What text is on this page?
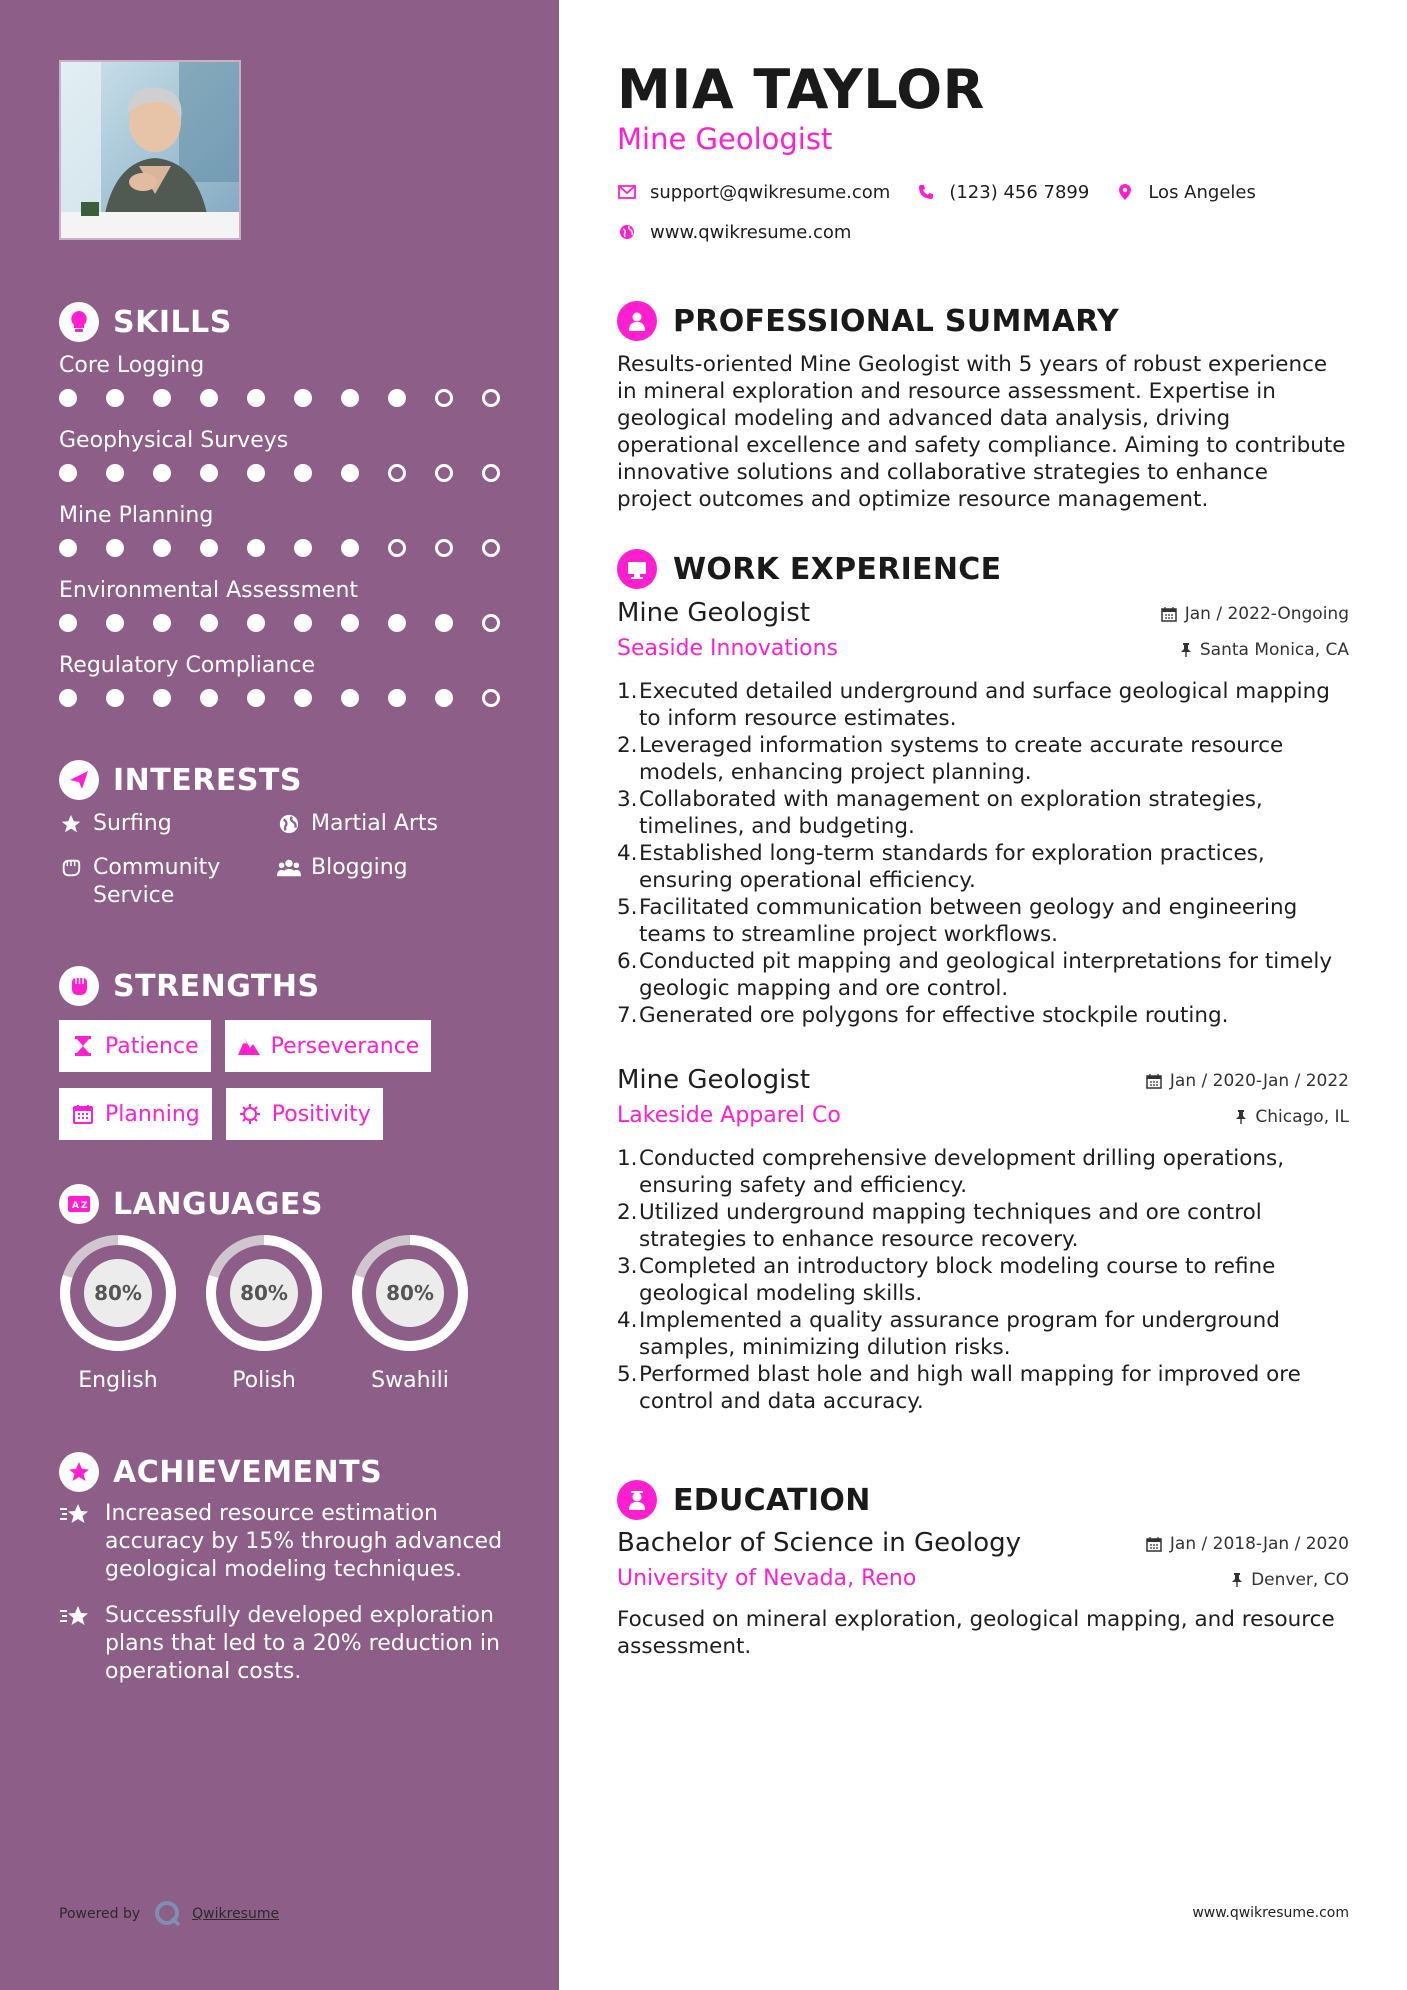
SKILLS
Core Logging
Geophysical Surveys
Mine Planning
Environmental Assessment
Regulatory Compliance
INTERESTS
Surfing	Martial Arts
Community Service
Blogging
STRENGTHS
Patience	Perseverance
Planning	Positivity
A Z LANGUAGES
80%
English
80%
Polish
80%
Swahili
ACHIEVEMENTS
Increased resource estimation accuracy by 15% through advanced geological modeling techniques.
Successfully developed exploration plans that led to a 20% reduction in operational costs.
Powered by	Qwikresume
MIA TAYLOR
Mine Geologist
support@qwikresume.com	(123) 456 7899	Los Angeles
www.qwikresume.com
PROFESSIONAL SUMMARY

Results-oriented Mine Geologist with 5 years of robust experience in mineral exploration and resource assessment. Expertise in geological modeling and advanced data analysis, driving operational excellence and safety compliance. Aiming to contribute innovative solutions and collaborative strategies to enhance project outcomes and optimize resource management.

WORK EXPERIENCE
Mine Geologist	Jan / 2022-Ongoing
Seaside Innovations	Santa Monica, CA
1. Executed detailed underground and surface geological mapping to inform resource estimates.
2. Leveraged information systems to create accurate resource models, enhancing project planning.
3. Collaborated with management on exploration strategies, timelines, and budgeting.
4. Established long-term standards for exploration practices, ensuring operational efficiency.
5. Facilitated communication between geology and engineering teams to streamline project workflows.
6. Conducted pit mapping and geological interpretations for timely geologic mapping and ore control.
7. Generated ore polygons for effective stockpile routing.
Mine Geologist	Jan / 2020-Jan / 2022
Lakeside Apparel Co	Chicago, IL
1. Conducted comprehensive development drilling operations, ensuring safety and efficiency.
2. Utilized underground mapping techniques and ore control strategies to enhance resource recovery.
3. Completed an introductory block modeling course to refine geological modeling skills.
4. Implemented a quality assurance program for underground samples, minimizing dilution risks.
5. Performed blast hole and high wall mapping for improved ore control and data accuracy.
EDUCATION
Bachelor of Science in Geology	Jan / 2018-Jan / 2020
University of Nevada, Reno	Denver, CO

Focused on mineral exploration, geological mapping, and resource assessment.

www.qwikresume.com
